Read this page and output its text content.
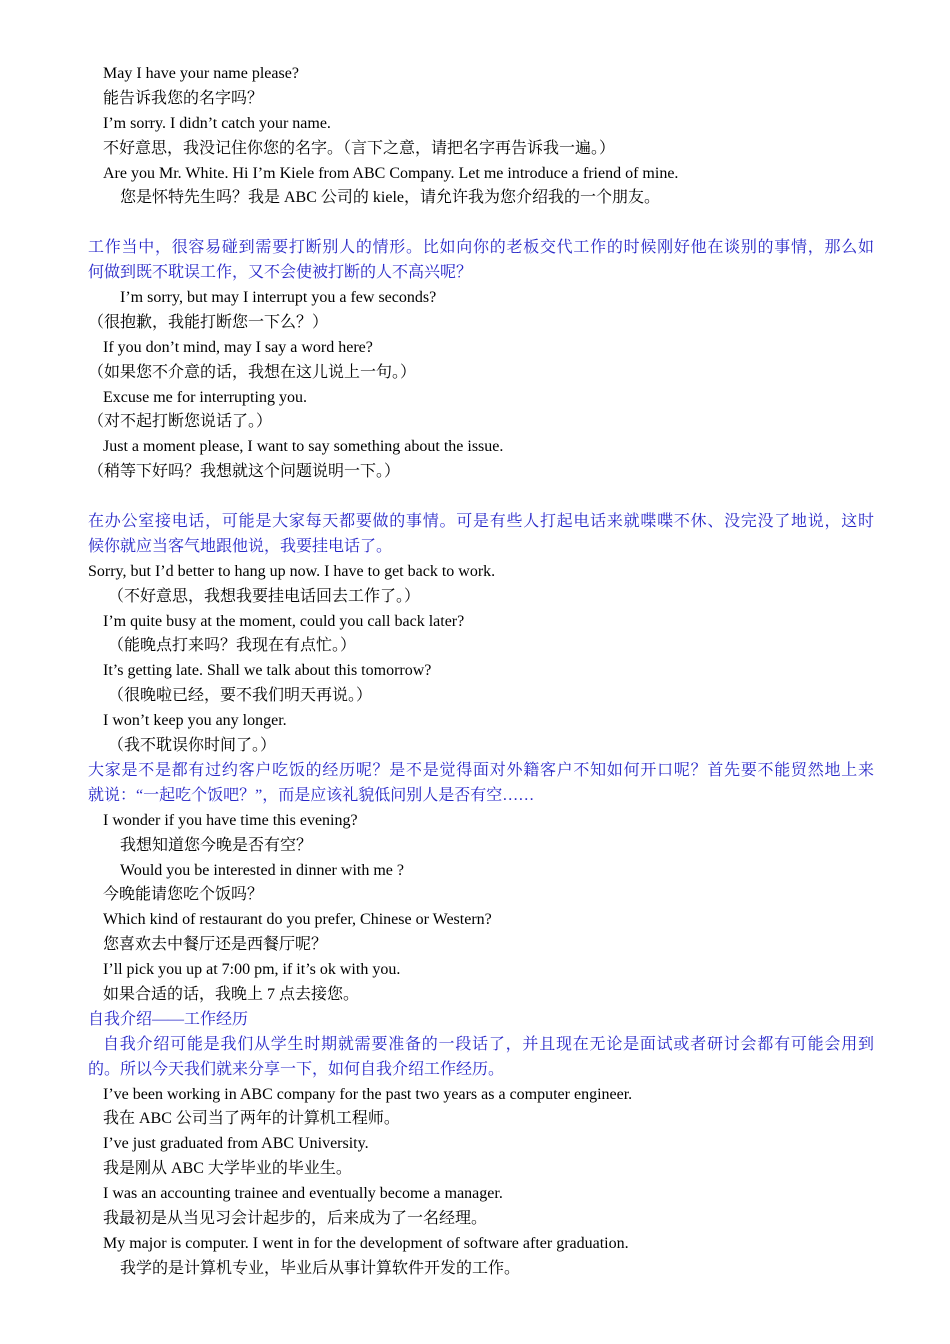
May I have your name please?
能告诉我您的名字吗？
I’m sorry. I didn’t catch your name.
不好意思，我没记住你您的名字。（言下之意，请把名字再告诉我一遍。）
Are you Mr. White. Hi I’m Kiele from ABC Company. Let me introduce a friend of mine.
您是怀特先生吗？我是 ABC 公司的 kiele，请允许我为您介绍我的一个朋友。
工作当中，很容易碰到需要打断别人的情形。比如向你的老板交代工作的时候刚好他在谈别的事情，那么如
何做到既不耽误工作，又不会使被打断的人不高兴呢？
I’m sorry, but may I interrupt you a few seconds?
（很抱歉，我能打断您一下么？）
If you don’t mind, may I say a word here?
（如果您不介意的话，我想在这儿说上一句。）
Excuse me for interrupting you.
（对不起打断您说话了。）
Just a moment please, I want to say something about the issue.
（稍等下好吗？我想就这个问题说明一下。）
在办公室接电话，可能是大家每天都要做的事情。可是有些人打起电话来就喋喋不休、没完没了地说，这时
候你就应当客气地跟他说，我要挂电话了。
Sorry, but I’d better to hang up now. I have to get back to work.
（不好意思，我想我要挂电话回去工作了。）
I’m quite busy at the moment, could you call back later?
（能晚点打来吗？我现在有点忙。）
It’s getting late. Shall we talk about this tomorrow?
（很晚啦已经，要不我们明天再说。）
I won’t keep you any longer.
（我不耽误你时间了。）
大家是不是都有过约客户吃饭的经历呢？是不是觉得面对外籍客户不知如何开口呢？首先要不能贸然地上来
就说：“一起吃个饭吧？”，而是应该礼貌低问别人是否有空……
I wonder if you have time this evening?
我想知道您今晚是否有空？
Would you be interested in dinner with me ?
今晚能请您吃个饭吗？
Which kind of restaurant do you prefer, Chinese or Western?
您喜欢去中餐厅还是西餐厅呢？
I’ll pick you up at 7:00 pm, if it’s ok with you.
如果合适的话，我晚上 7 点去接您。
自我介绍——工作经历
自我介绍可能是我们从学生时期就需要准备的一段话了，并且现在无论是面试或者研讨会都有可能会用到
的。所以今天我们就来分享一下，如何自我介绍工作经历。
I’ve been working in ABC company for the past two years as a computer engineer.
我在 ABC 公司当了两年的计算机工程师。
I’ve just graduated from ABC University.
我是刚从 ABC 大学毕业的毕业生。
I was an accounting trainee and eventually become a manager.
我最初是从当见习会计起步的，后来成为了一名经理。
My major is computer. I went in for the development of software after graduation.
我学的是计算机专业，毕业后从事计算软件开发的工作。
